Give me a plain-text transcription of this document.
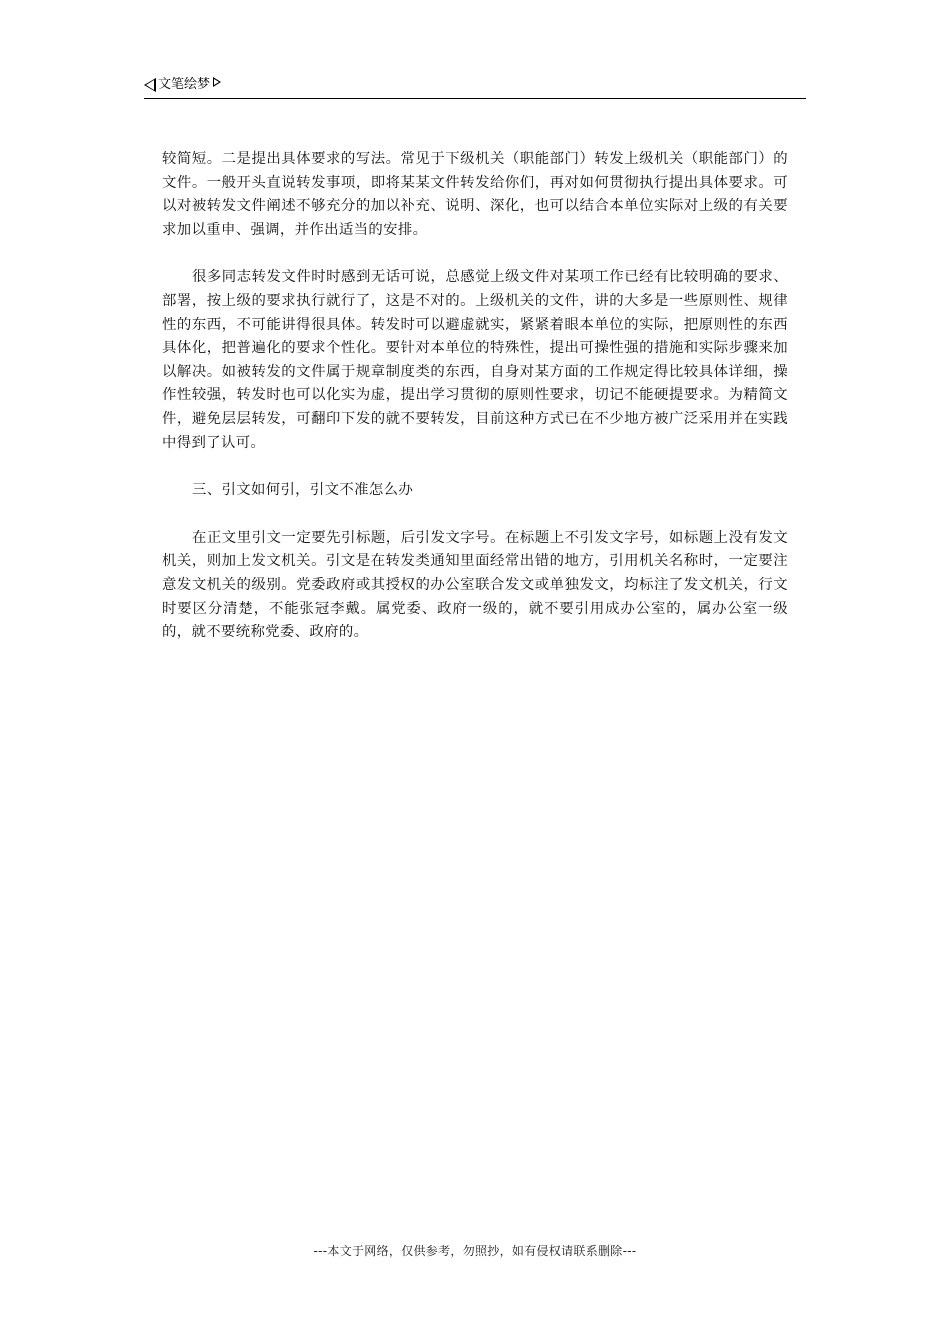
文笔绘梦

较简短。二是提出具体要求的写法。常见于下级机关（职能部门）转发上级机关（职能部门）的文件。一般开头直说转发事项，即将某某文件转发给你们，再对如何贯彻执行提出具体要求。可以对被转发文件阐述不够充分的加以补充、说明、深化，也可以结合本单位实际对上级的有关要求加以重申、强调，并作出适当的安排。

很多同志转发文件时时感到无话可说，总感觉上级文件对某项工作已经有比较明确的要求、部署，按上级的要求执行就行了，这是不对的。上级机关的文件，讲的大多是一些原则性、规律性的东西，不可能讲得很具体。转发时可以避虚就实，紧紧着眼本单位的实际，把原则性的东西具体化，把普遍化的要求个性化。要针对本单位的特殊性，提出可操性强的措施和实际步骤来加以解决。如被转发的文件属于规章制度类的东西，自身对某方面的工作规定得比较具体详细，操作性较强，转发时也可以化实为虚，提出学习贯彻的原则性要求，切记不能硬提要求。为精简文件，避免层层转发，可翻印下发的就不要转发，目前这种方式已在不少地方被广泛采用并在实践中得到了认可。

三、引文如何引，引文不准怎么办

在正文里引文一定要先引标题，后引发文字号。在标题上不引发文字号，如标题上没有发文机关，则加上发文机关。引文是在转发类通知里面经常出错的地方，引用机关名称时，一定要注意发文机关的级别。党委政府或其授权的办公室联合发文或单独发文，均标注了发文机关，行文时要区分清楚，不能张冠李戴。属党委、政府一级的，就不要引用成办公室的，属办公室一级的，就不要统称党委、政府的。

---本文于网络，仅供参考，勿照抄，如有侵权请联系删除---
